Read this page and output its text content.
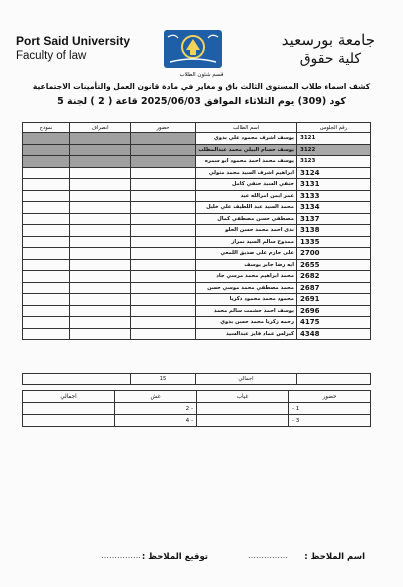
Port Said University
Faculty of law
جامعة بورسعيد
كلية حقوق
قسم شئون الطلاب
كشف اسماء طلاب المستوى الثالث باق و مغاير في مادة قانون العمل والتأمينات الاجتماعية
كود (309) يوم الثلاثاء الموافق 2025/06/03 قاعة ( 2 ) لجنة 5
نموذج	انصراف	حضور	اسم الطالب	رقم الجلوس
			يوسف اشرف محمود علي بدوي	3121
			يوسف حسام البيلي محمد عبدالمطلب	3122
			يوسف محمد احمد محمود ابو سمره	3123
			ابراهيم اشرف السيد محمد متولي	3124
			حنفي السيد حنفي كامل	3131
			عمر ايمن امرالله عيد	3133
			محمد السيد عبد اللطيف علي خليل	3134
			مصطفي حسن مصطفي كمال	3137
			ندى احمد محمد حسن الحلو	3138
			ممدوح سالم السيد نمراز	1335
			على حازم على صديق اللمعي	2700
			ايه رضا جابر يوسف	2655
			محمد ابراهيم محمد مرسي جاد	2682
			محمد مصطفي محمد موسي حسن	2687
			محمود محمد محمود ذكريا	2691
			يوسف احمد حشمت سالم محمد	2696
			رحمه زكريا محمد حسن بدوي	4175
			كيرلس عماد فايز عبدالسيد	4348
	15	اجمالي	
اجمالي	غش	غياب	حضور
	- 2		- 1
	- 4		- 3
اسم الملاحظ :
……………
توقيع الملاحظ :
……………
